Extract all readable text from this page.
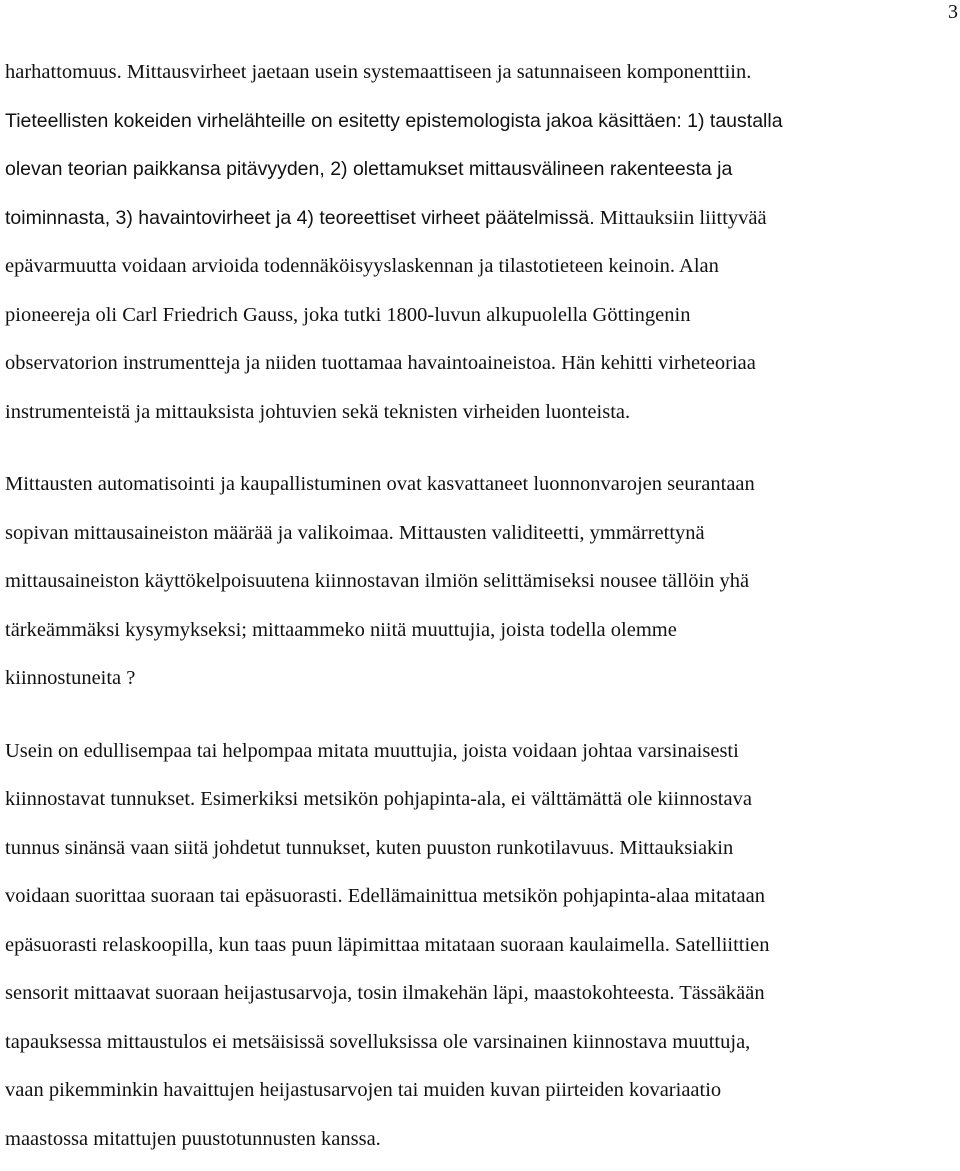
3
harhattomuus. Mittausvirheet jaetaan usein systemaattiseen ja satunnaiseen komponenttiin.
Tieteellisten kokeiden virhelähteille on esitetty epistemologista jakoa käsittäen: 1) taustalla
olevan teorian paikkansa pitävyyden, 2) olettamukset mittausvälineen rakenteesta ja
toiminnasta, 3) havaintovirheet ja 4) teoreettiset virheet päätelmissä. Mittauksiin liittyvää
epävarmuutta voidaan arvioida todennäköisyyslaskennan ja tilastotieteen keinoin. Alan
pioneereja oli Carl Friedrich Gauss, joka tutki 1800-luvun alkupuolella Göttingenin
observatorion instrumentteja ja niiden tuottamaa havaintoaineistoa. Hän kehitti virheteoriaa
instrumenteistä ja mittauksista johtuvien sekä teknisten virheiden luonteista.
Mittausten automatisointi ja kaupallistuminen ovat kasvattaneet luonnonvarojen seurantaan
sopivan mittausaineiston määrää ja valikoimaa. Mittausten validiteetti, ymmärrettynä
mittausaineiston käyttökelpoisuutena kiinnostavan ilmiön selittämiseksi nousee tällöin yhä
tärkeämmäksi kysymykseksi; mittaammeko niitä muuttujia, joista todella olemme
kiinnostuneita ?
Usein on edullisempaa tai helpompaa mitata muuttujia, joista voidaan johtaa varsinaisesti
kiinnostavat tunnukset. Esimerkiksi metsikön pohjapinta-ala, ei välttämättä ole kiinnostava
tunnus sinänsä vaan siitä johdetut tunnukset, kuten puuston runkotilavuus. Mittauksiakin
voidaan suorittaa suoraan tai epäsuorasti. Edellämainittua metsikön pohjapinta-alaa mitataan
epäsuorasti relaskoopilla, kun taas puun läpimittaa mitataan suoraan kaulaimella. Satelliittien
sensorit mittaavat suoraan heijastusarvoja, tosin ilmakehän läpi, maastokohteesta. Tässäkään
tapauksessa mittaustulos ei metsäisissä sovelluksissa ole varsinainen kiinnostava muuttuja,
vaan pikemminkin havaittujen heijastusarvojen tai muiden kuvan piirteiden kovariaatio
maastossa mitattujen puustotunnusten kanssa.
